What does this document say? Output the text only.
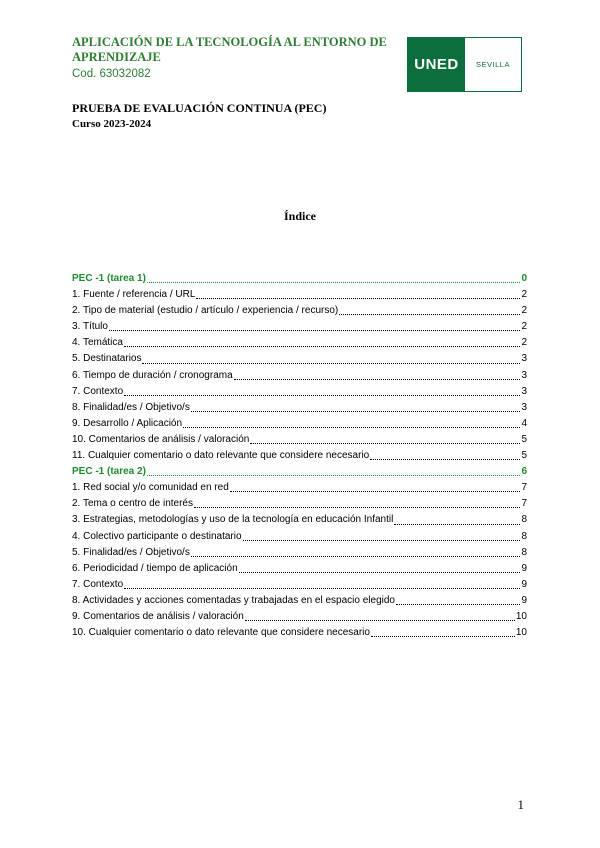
APLICACIÓN DE LA TECNOLOGÍA AL ENTORNO DE APRENDIZAJE
Cod. 63032082
UNED	SEVILLA
PRUEBA DE EVALUACIÓN CONTINUA (PEC)
Curso 2023-2024
Índice
PEC -1 (tarea 1)	0
1. Fuente / referencia / URL	2
2. Tipo de material (estudio / artículo / experiencia / recurso)	2
3. Título	2
4. Temática	2
5. Destinatarios	3
6. Tiempo de duración / cronograma	3
7. Contexto	3
8. Finalidad/es / Objetivo/s	3
9. Desarrollo / Aplicación	4
10. Comentarios de análisis / valoración	5
11. Cualquier comentario o dato relevante que considere necesario	5
PEC -1 (tarea 2)	6
1. Red social y/o comunidad en red	7
2. Tema o centro de interés	7
3. Estrategias, metodologías y uso de la tecnología en educación Infantil	8
4. Colectivo participante o destinatario	8
5. Finalidad/es / Objetivo/s	8
6. Periodicidad / tiempo de aplicación	9
7. Contexto	9
8. Actividades y acciones comentadas y trabajadas en el espacio elegido	9
9. Comentarios de análisis / valoración	10
10. Cualquier comentario o dato relevante que considere necesario	10
1
